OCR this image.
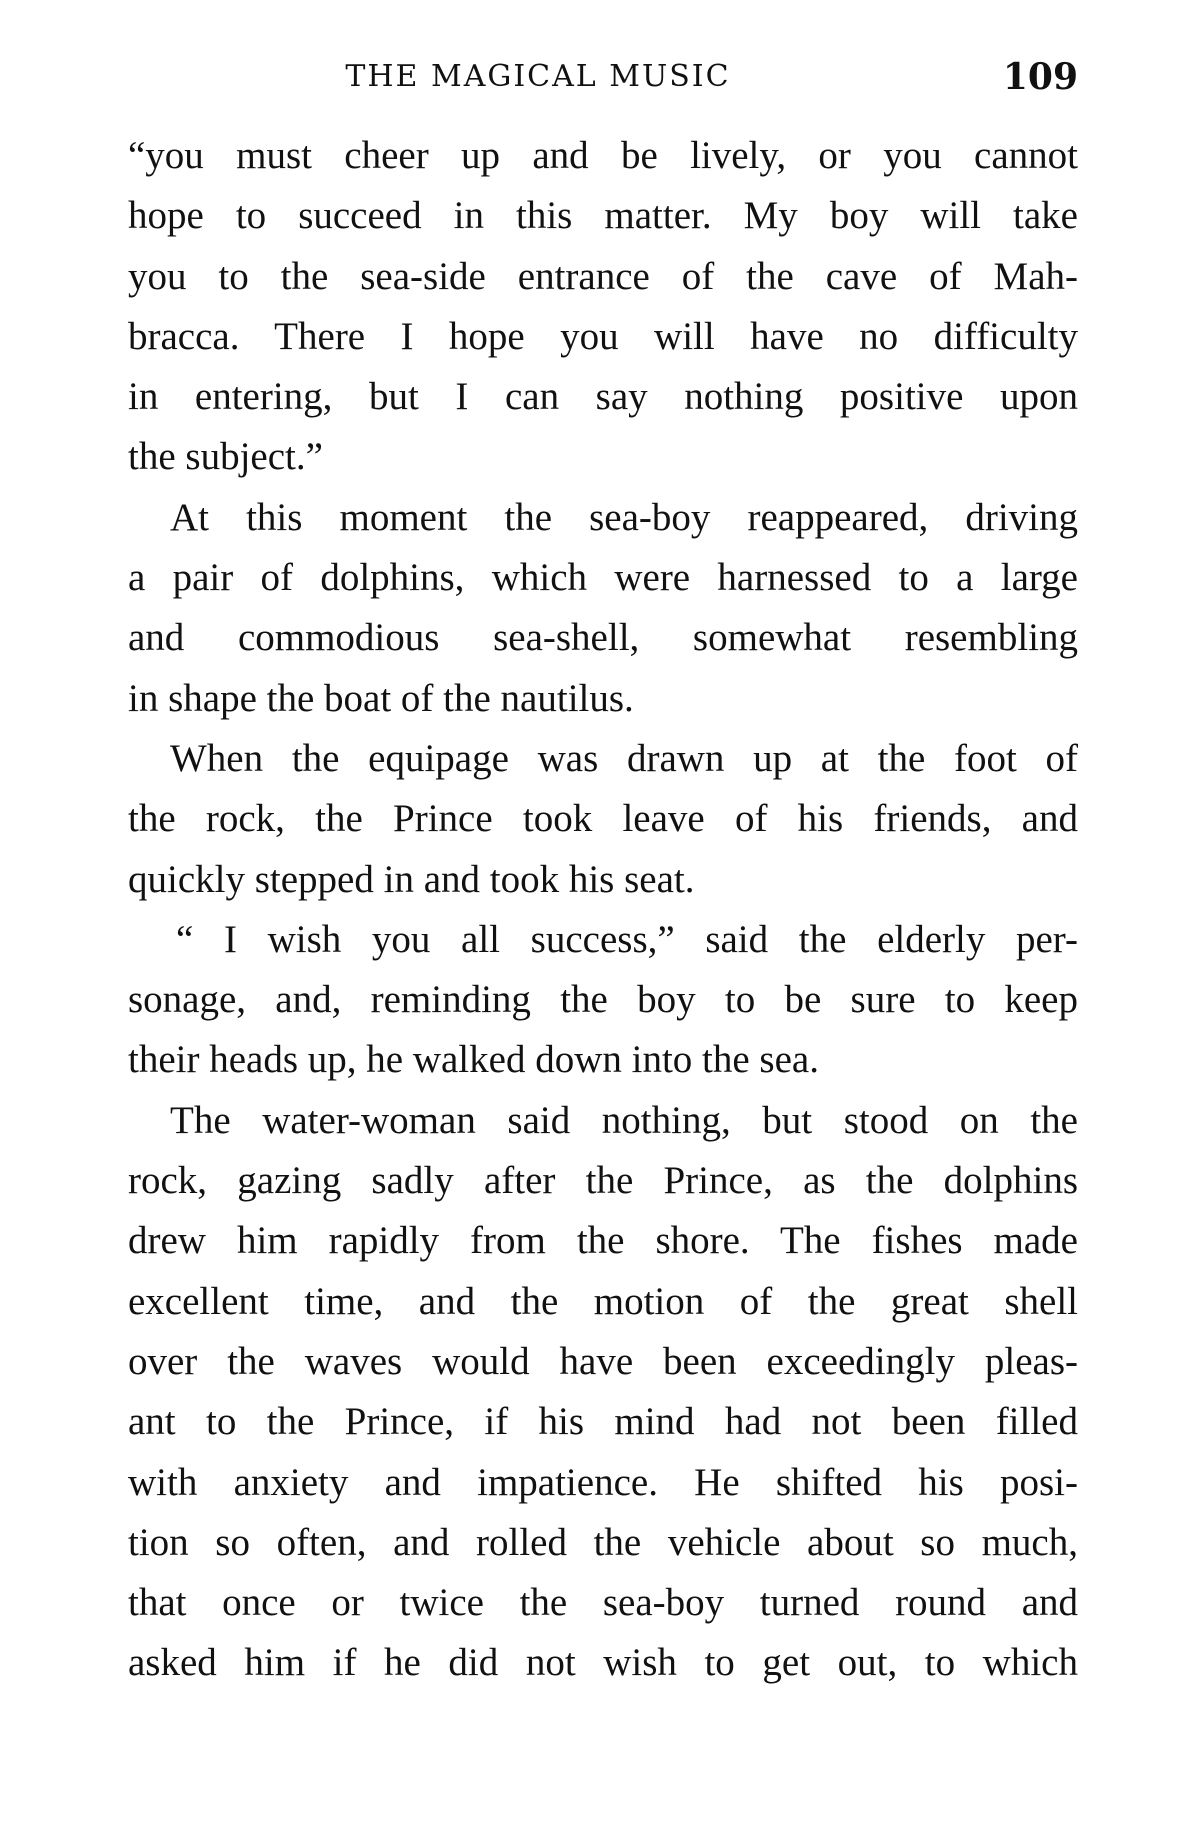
THE MAGICAL MUSIC	109
“you must cheer up and be lively, or you cannot
hope to succeed in this matter. My boy will take
you to the sea-side entrance of the cave of Mah-
bracca. There I hope you will have no difficulty
in entering, but I can say nothing positive upon
the subject.”
At this moment the sea-boy reappeared, driving
a pair of dolphins, which were harnessed to a large
and commodious sea-shell, somewhat resembling
in shape the boat of the nautilus.
When the equipage was drawn up at the foot of
the rock, the Prince took leave of his friends, and
quickly stepped in and took his seat.
“ I wish you all success,” said the elderly per-
sonage, and, reminding the boy to be sure to keep
their heads up, he walked down into the sea.
The water-woman said nothing, but stood on the
rock, gazing sadly after the Prince, as the dolphins
drew him rapidly from the shore. The fishes made
excellent time, and the motion of the great shell
over the waves would have been exceedingly pleas-
ant to the Prince, if his mind had not been filled
with anxiety and impatience. He shifted his posi-
tion so often, and rolled the vehicle about so much,
that once or twice the sea-boy turned round and
asked him if he did not wish to get out, to which
